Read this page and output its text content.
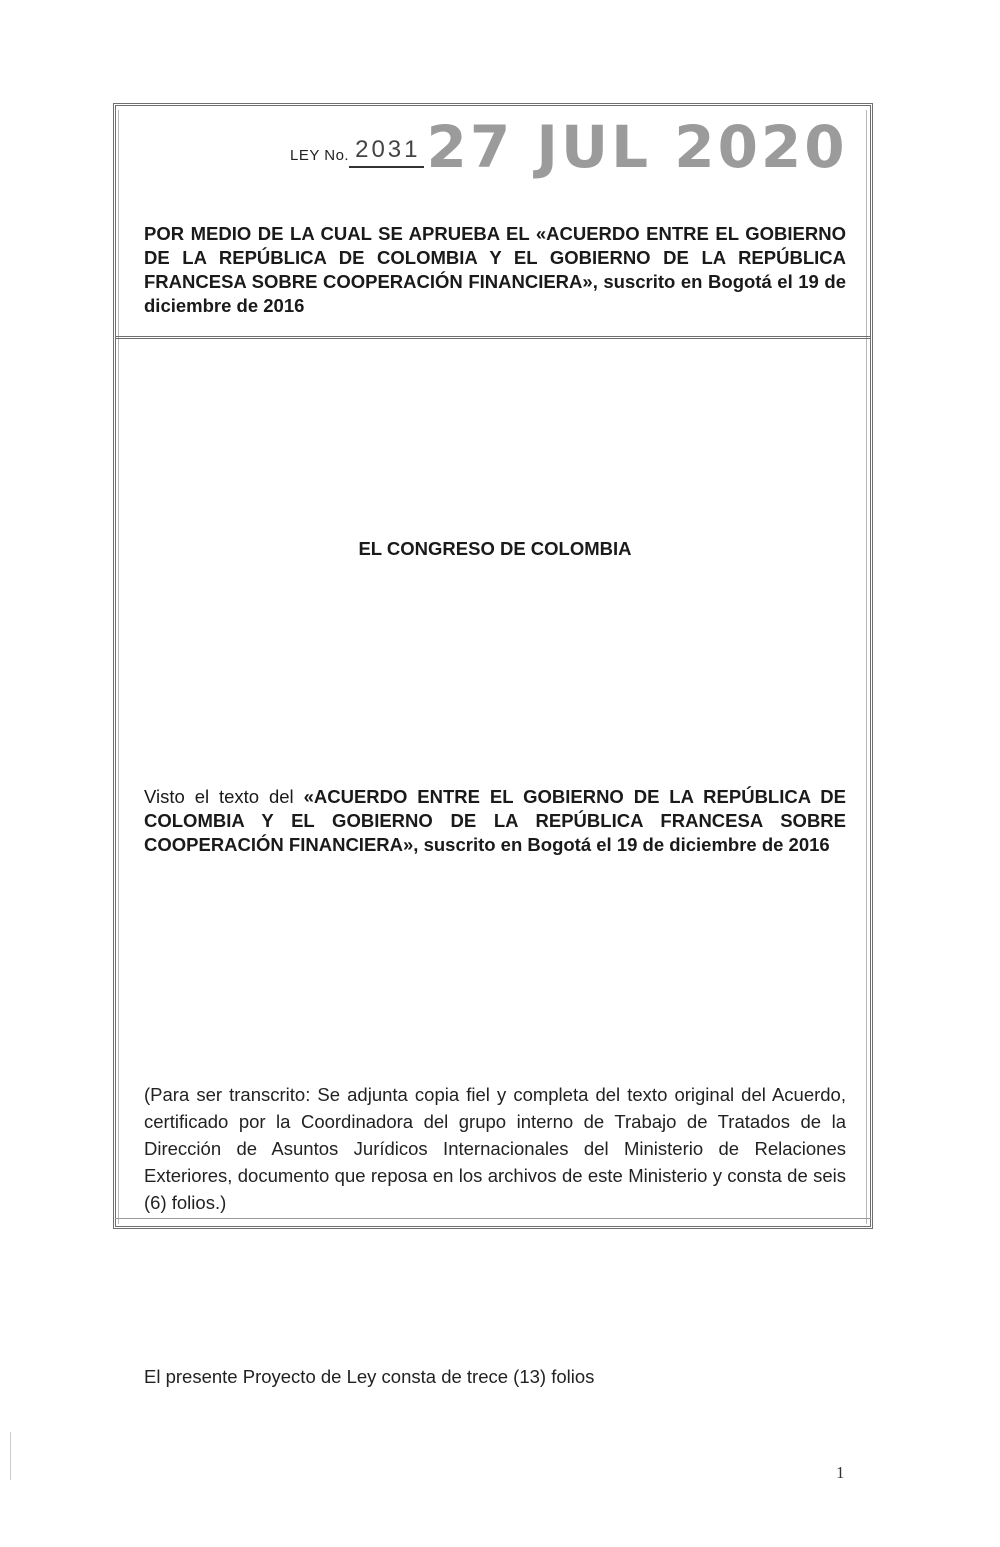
LEY No. 2031 27 JUL 2020
POR MEDIO DE LA CUAL SE APRUEBA EL «ACUERDO ENTRE EL GOBIERNO DE LA REPÚBLICA DE COLOMBIA Y EL GOBIERNO DE LA REPÚBLICA FRANCESA SOBRE COOPERACIÓN FINANCIERA», suscrito en Bogotá el 19 de diciembre de 2016
EL CONGRESO DE COLOMBIA
Visto el texto del «ACUERDO ENTRE EL GOBIERNO DE LA REPÚBLICA DE COLOMBIA Y EL GOBIERNO DE LA REPÚBLICA FRANCESA SOBRE COOPERACIÓN FINANCIERA», suscrito en Bogotá el 19 de diciembre de 2016
(Para ser transcrito: Se adjunta copia fiel y completa del texto original del Acuerdo, certificado por la Coordinadora del grupo interno de Trabajo de Tratados de la Dirección de Asuntos Jurídicos Internacionales del Ministerio de Relaciones Exteriores, documento que reposa en los archivos de este Ministerio y consta de seis (6) folios.)
El presente Proyecto de Ley consta de trece (13) folios
1
